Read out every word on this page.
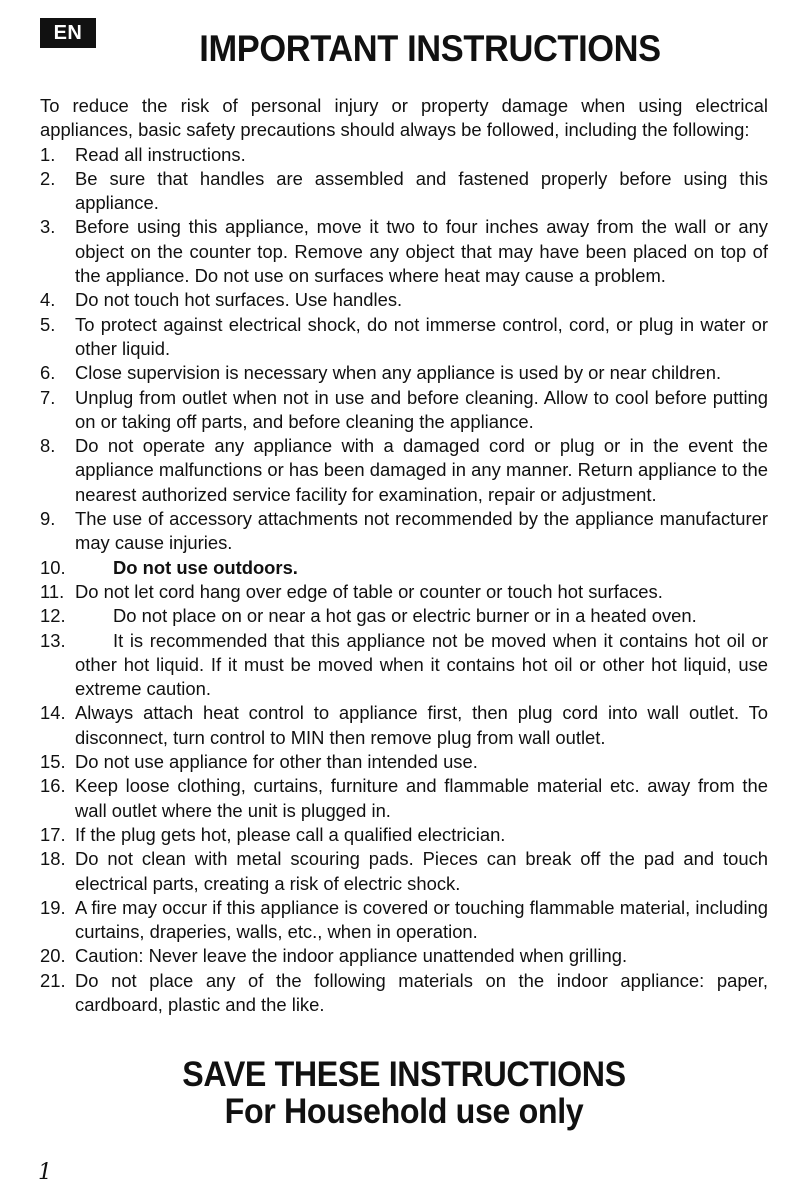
EN	IMPORTANT INSTRUCTIONS

To reduce the risk of personal injury or property damage when using electrical appliances, basic safety precautions should always be followed, including the following:

1.	Read all instructions.
2.	Be sure that handles are assembled and fastened properly before using this appliance.
3.	Before using this appliance, move it two to four inches away from the wall or any object on the counter top. Remove any object that may have been placed on top of the appliance. Do not use on surfaces where heat may cause a problem.
4.	Do not touch hot surfaces. Use handles.
5.	To protect against electrical shock, do not immerse control, cord, or plug in water or other liquid.
6.	Close supervision is necessary when any appliance is used by or near children.
7.	Unplug from outlet when not in use and before cleaning. Allow to cool before putting on or taking off parts, and before cleaning the appliance.
8.	Do not operate any appliance with a damaged cord or plug or in the event the appliance malfunctions or has been damaged in any manner. Return appliance to the nearest authorized service facility for examination, repair or adjustment.
9.	The use of accessory attachments not recommended by the appliance manufacturer may cause injuries.
10.	Do not use outdoors.
11. Do not let cord hang over edge of table or counter or touch hot surfaces.
12.	Do not place on or near a hot gas or electric burner or in a heated oven.
13.	It is recommended that this appliance not be moved when it contains hot oil or other hot liquid. If it must be moved when it contains hot oil or other hot liquid, use extreme caution.
14. Always attach heat control to appliance first, then plug cord into wall outlet. To disconnect, turn control to MIN then remove plug from wall outlet.
15. Do not use appliance for other than intended use.
16. Keep loose clothing, curtains, furniture and flammable material etc. away from the wall outlet where the unit is plugged in.
17. If the plug gets hot, please call a qualified electrician.
18. Do not clean with metal scouring pads. Pieces can break off the pad and touch electrical parts, creating a risk of electric shock.
19. A fire may occur if this appliance is covered or touching flammable material, including curtains, draperies, walls, etc., when in operation.
20. Caution: Never leave the indoor appliance unattended when grilling.
21. Do not place any of the following materials on the indoor appliance: paper, cardboard, plastic and the like.
SAVE THESE INSTRUCTIONS
For Household use only
1
